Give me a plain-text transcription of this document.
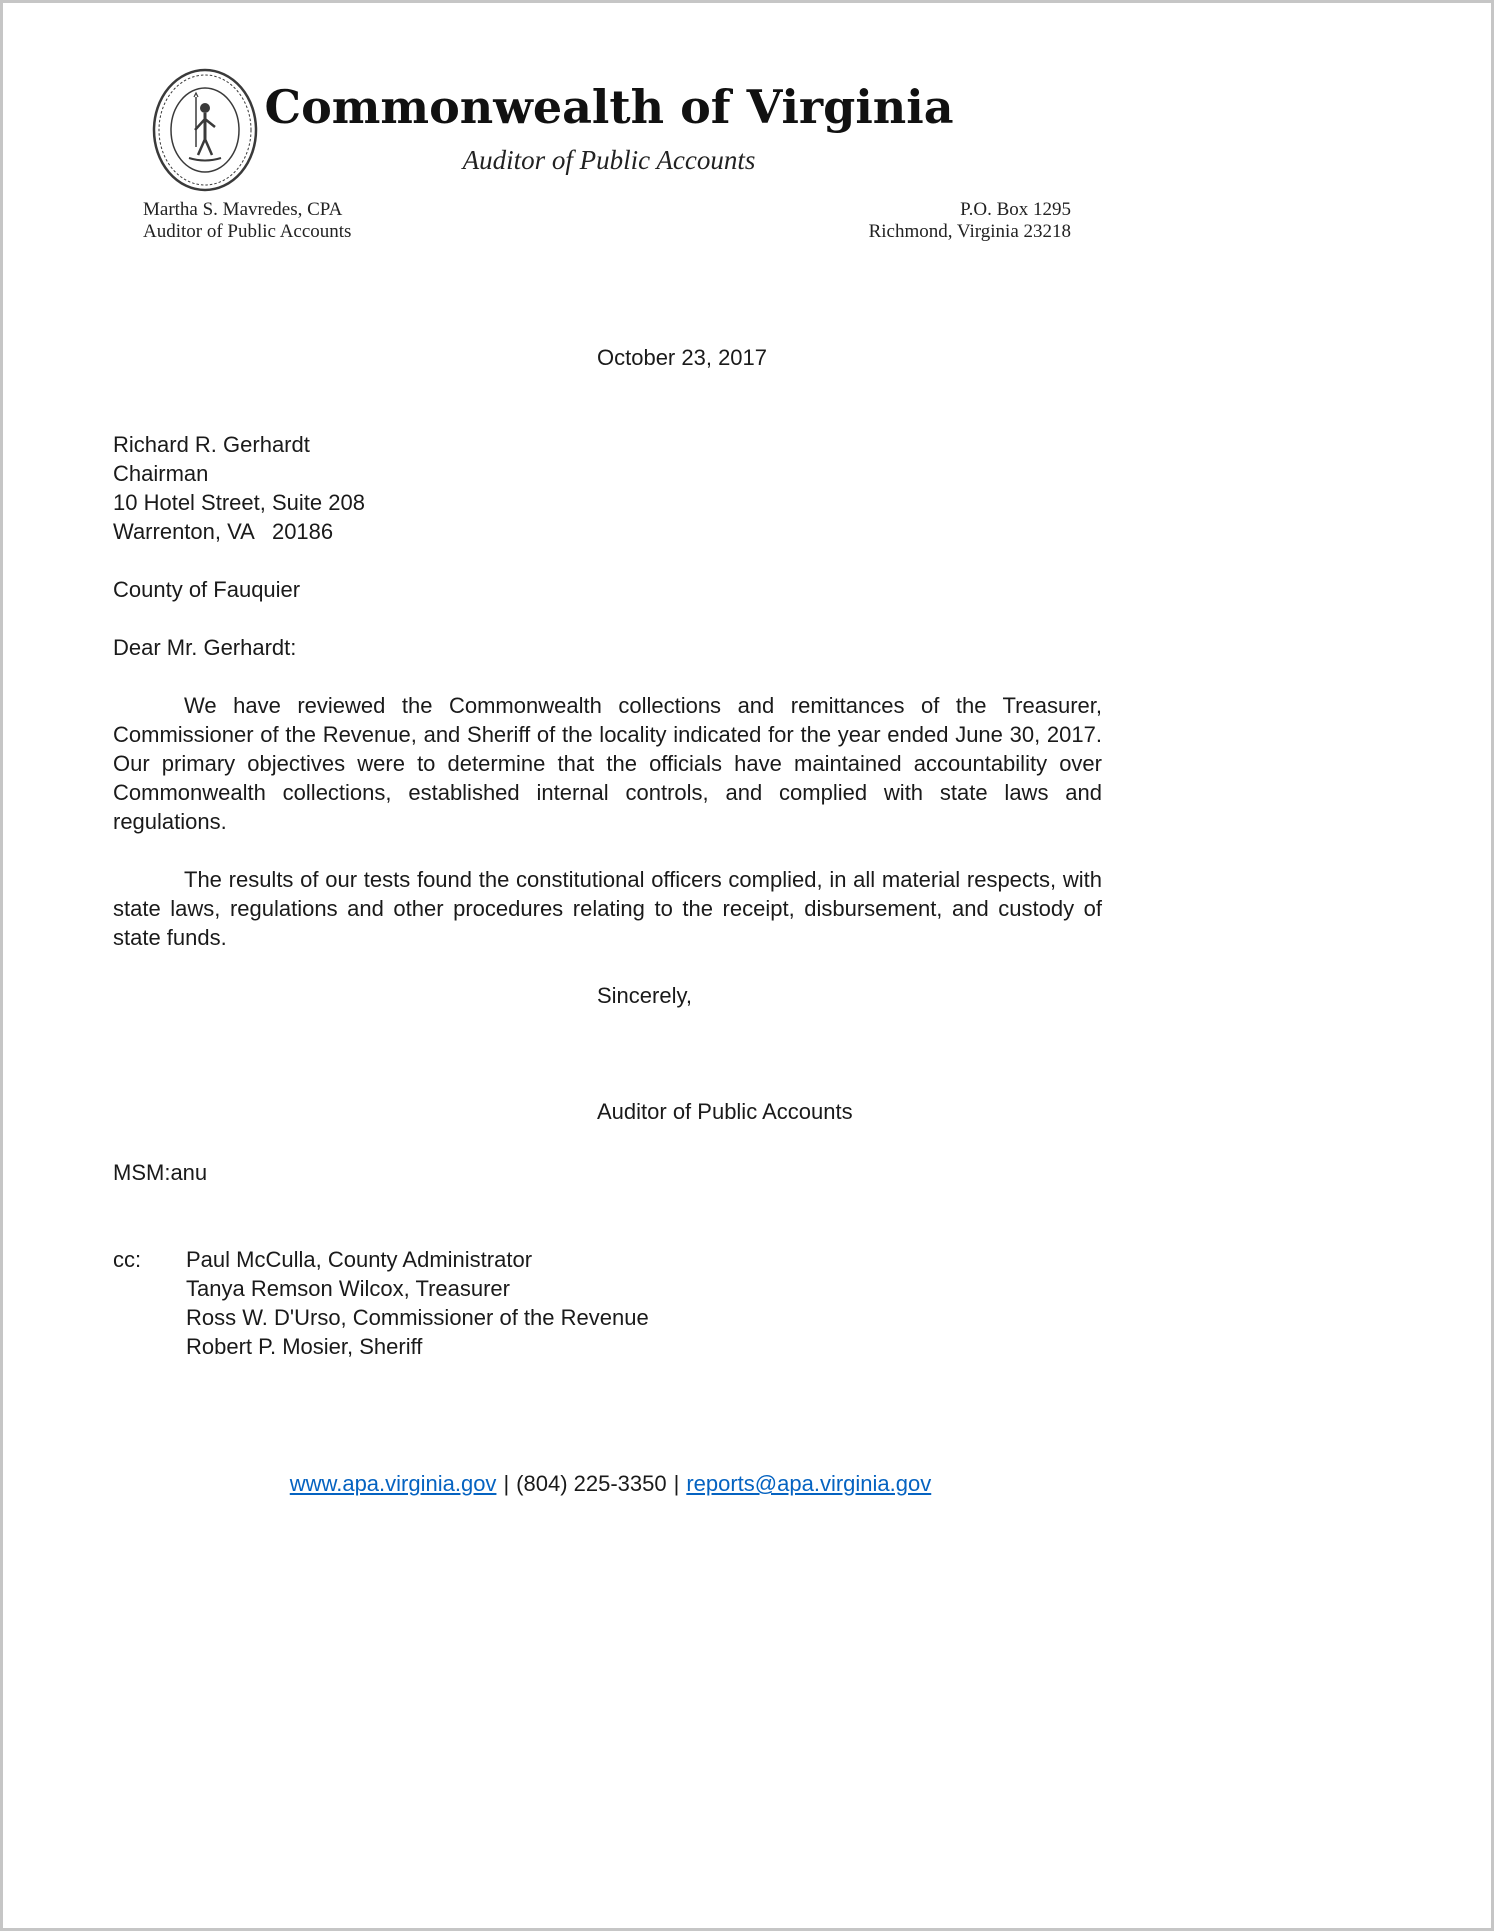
Commonwealth of Virginia
Auditor of Public Accounts
Martha S. Mavredes, CPA
Auditor of Public Accounts
P.O. Box 1295
Richmond, Virginia 23218
October 23, 2017
Richard R. Gerhardt
Chairman
10 Hotel Street, Suite 208
Warrenton, VA   20186
County of Fauquier
Dear Mr. Gerhardt:

We have reviewed the Commonwealth collections and remittances of the Treasurer, Commissioner of the Revenue, and Sheriff of the locality indicated for the year ended June 30, 2017. Our primary objectives were to determine that the officials have maintained accountability over Commonwealth collections, established internal controls, and complied with state laws and regulations.

The results of our tests found the constitutional officers complied, in all material respects, with state laws, regulations and other procedures relating to the receipt, disbursement, and custody of state funds.

Sincerely,
Auditor of Public Accounts
MSM:anu
cc:	Paul McCulla, County Administrator
Tanya Remson Wilcox, Treasurer
Ross W. D'Urso, Commissioner of the Revenue
Robert P. Mosier, Sheriff
www.apa.virginia.gov | (804) 225-3350 | reports@apa.virginia.gov
